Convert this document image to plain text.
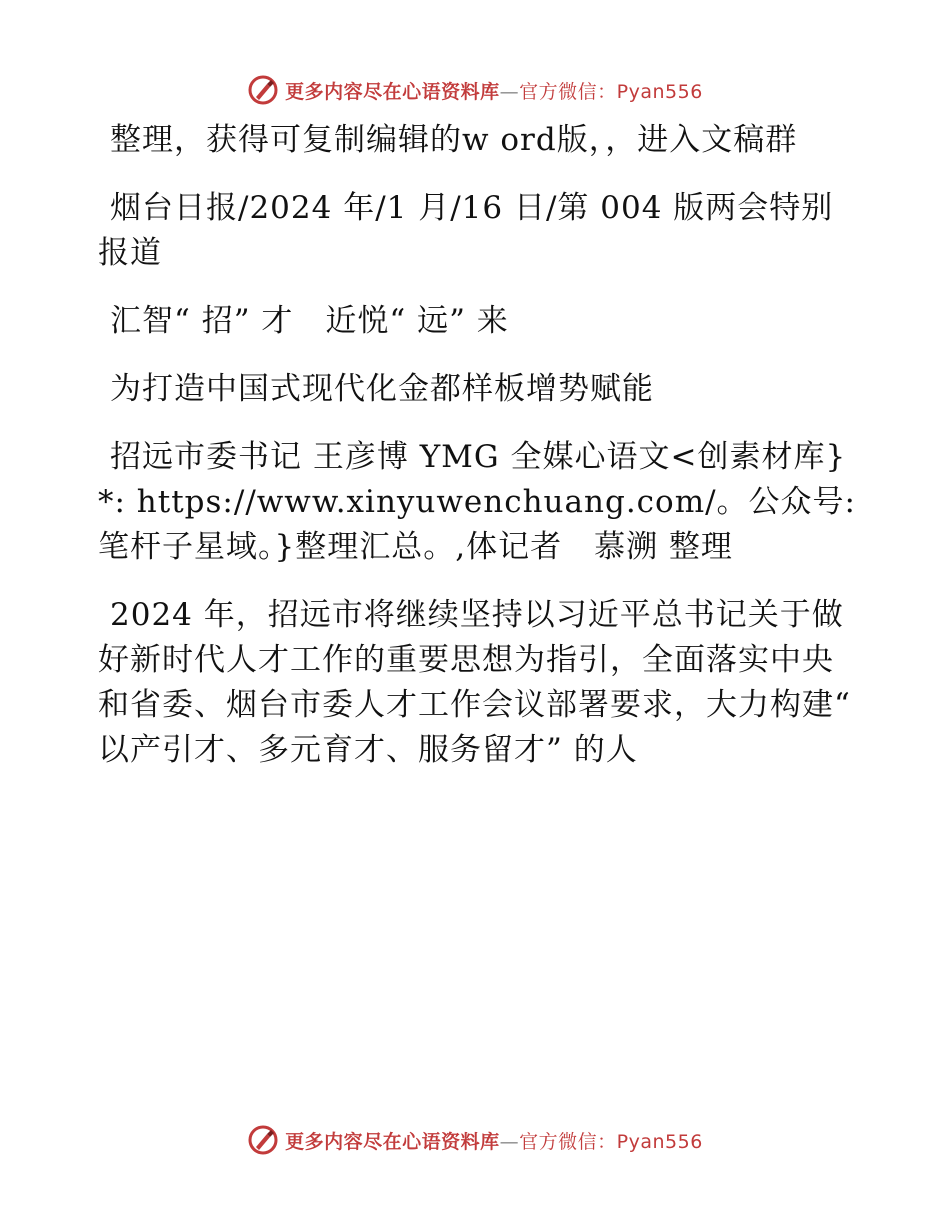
更多内容尽在心语资料库—官方微信：Pyan556

整理，获得可复制编辑的w ord版，，进入文稿群

烟台日报/2024 年/1 月/16 日/第 004 版两会特别报道

汇智“ 招” 才　近悦“ 远” 来

为打造中国式现代化金都样板增势赋能

招远市委书记 王彦博 YMG 全媒心语文<创素材库}*: https://www.xinyuwenchuang.com/。公众号: 笔杆子星域。}整理汇总。,体记者　慕溯 整理

2024 年，招远市将继续坚持以习近平总书记关于做好新时代人才工作的重要思想为指引，全面落实中央和省委、烟台市委人才工作会议部署要求，大力构建“ 以产引才、多元育才、服务留才” 的人

更多内容尽在心语资料库—官方微信：Pyan556
